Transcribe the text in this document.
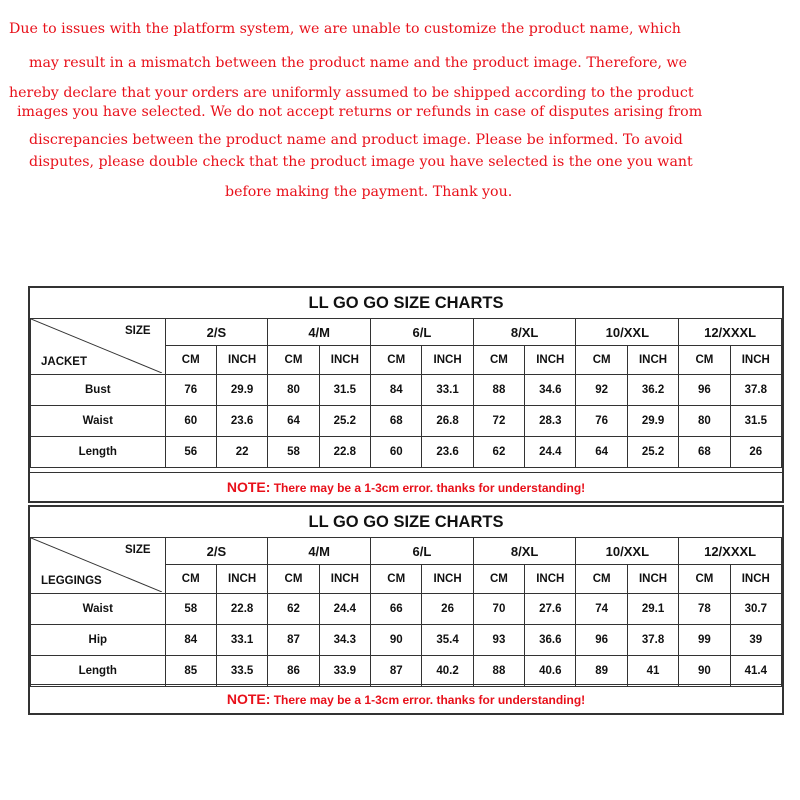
Due to issues with the platform system, we are unable to customize the product name, which
may result in a mismatch between the product name and the product image. Therefore, we
hereby declare that your orders are uniformly assumed to be shipped according to the product
images you have selected. We do not accept returns or refunds in case of disputes arising from
discrepancies between the product name and product image. Please be informed. To avoid
disputes, please double check that the product image you have selected is the one you want
before making the payment. Thank you.
LL GO GO SIZE CHARTS
SIZE
JACKET	2/S		4/M		6/L		8/XL		10/XXL		12/XXXL	
	CM	INCH	CM	INCH	CM	INCH	CM	INCH	CM	INCH	CM	INCH
Bust	76	29.9	80	31.5	84	33.1	88	34.6	92	36.2	96	37.8
Waist	60	23.6	64	25.2	68	26.8	72	28.3	76	29.9	80	31.5
Length	56	22	58	22.8	60	23.6	62	24.4	64	25.2	68	26
NOTE: There may be a 1-3cm error. thanks for understanding!
LL GO GO SIZE CHARTS
SIZE
LEGGINGS	2/S		4/M		6/L		8/XL		10/XXL		12/XXXL	
	CM	INCH	CM	INCH	CM	INCH	CM	INCH	CM	INCH	CM	INCH
Waist	58	22.8	62	24.4	66	26	70	27.6	74	29.1	78	30.7
Hip	84	33.1	87	34.3	90	35.4	93	36.6	96	37.8	99	39
Length	85	33.5	86	33.9	87	40.2	88	40.6	89	41	90	41.4
NOTE: There may be a 1-3cm error. thanks for understanding!
